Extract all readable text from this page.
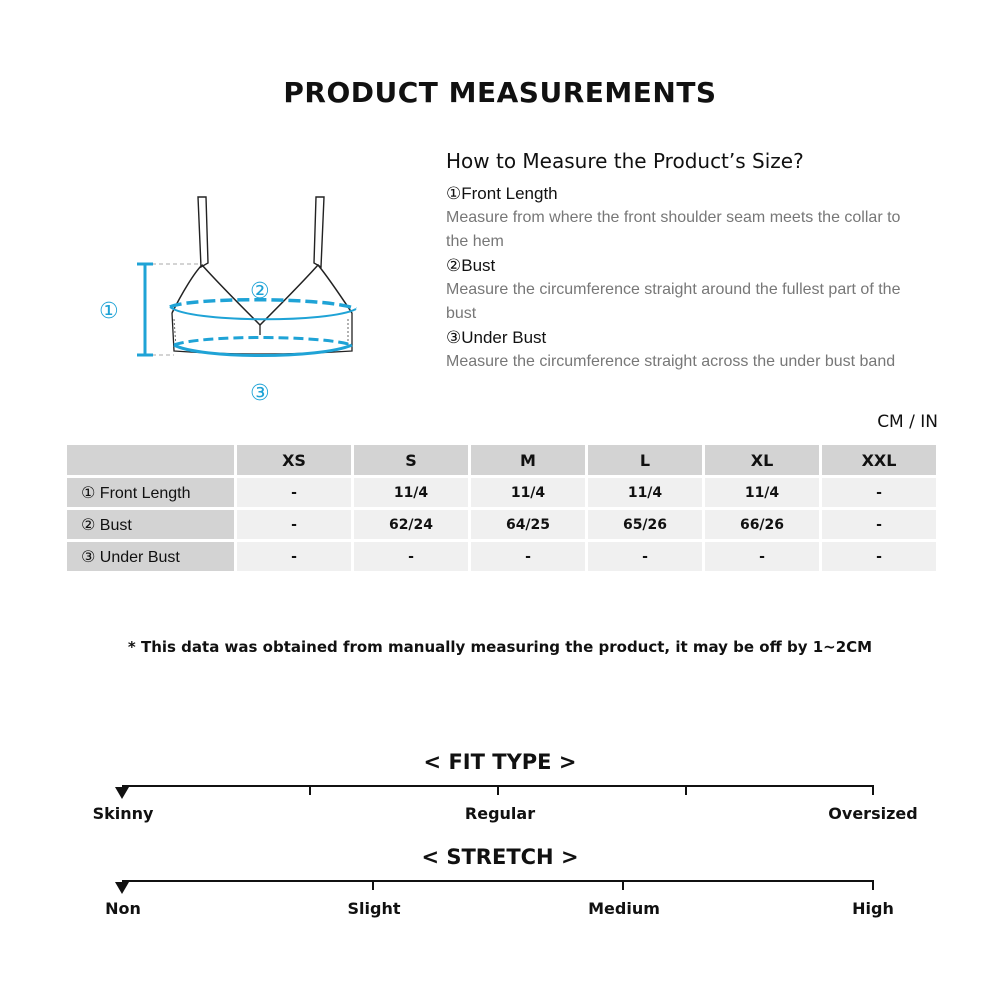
PRODUCT MEASUREMENTS
①
②
③
How to Measure the Product’s Size?
①Front Length
Measure from where the front shoulder seam meets the collar to the hem
②Bust
Measure the circumference straight around the fullest part of the bust
③Under Bust
Measure the circumference straight across the under bust band
CM / IN
	XS	S	M	L	XL	XXL
① Front Length	-	11/4	11/4	11/4	11/4	-
② Bust	-	62/24	64/25	65/26	66/26	-
③ Under Bust	-	-	-	-	-	-
* This data was obtained from manually measuring the product, it may be off by 1~2CM
< FIT TYPE >
Skinny	Regular	Oversized
< STRETCH >
Non	Slight	Medium	High
